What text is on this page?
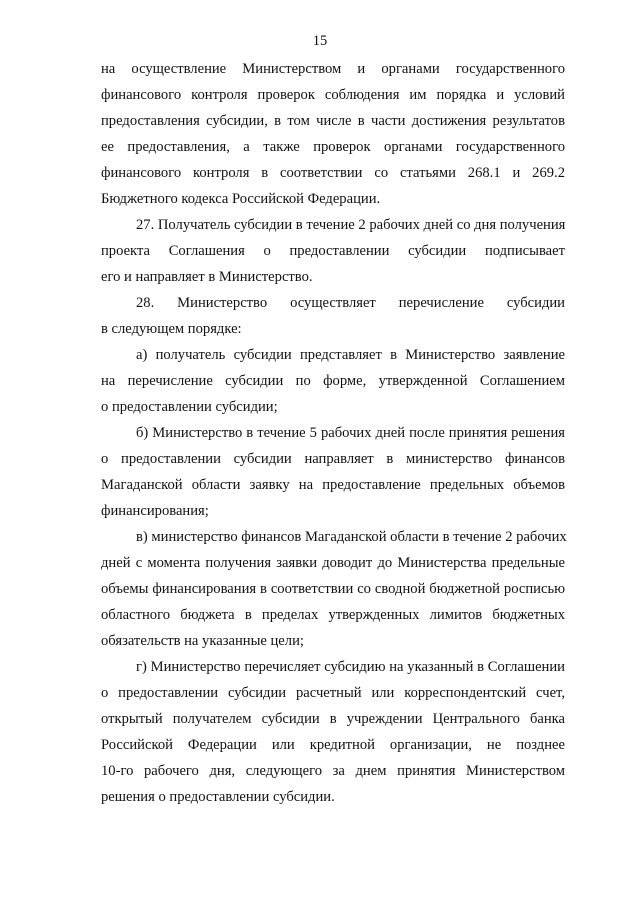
15
на осуществление Министерством и органами государственного
финансового контроля проверок соблюдения им порядка и условий
предоставления субсидии, в том числе в части достижения результатов
ее предоставления, а также проверок органами государственного
финансового контроля в соответствии со статьями 268.1 и 269.2
Бюджетного кодекса Российской Федерации.
27. Получатель субсидии в течение 2 рабочих дней со дня получения
проекта Соглашения о предоставлении субсидии подписывает
его и направляет в Министерство.
28. Министерство осуществляет перечисление субсидии
в следующем порядке:
а) получатель субсидии представляет в Министерство заявление
на перечисление субсидии по форме, утвержденной Соглашением
о предоставлении субсидии;
б) Министерство в течение 5 рабочих дней после принятия решения
о предоставлении субсидии направляет в министерство финансов
Магаданской области заявку на предоставление предельных объемов
финансирования;
в) министерство финансов Магаданской области в течение 2 рабочих
дней с момента получения заявки доводит до Министерства предельные
объемы финансирования в соответствии со сводной бюджетной росписью
областного бюджета в пределах утвержденных лимитов бюджетных
обязательств на указанные цели;
г) Министерство перечисляет субсидию на указанный в Соглашении
о предоставлении субсидии расчетный или корреспондентский счет,
открытый получателем субсидии в учреждении Центрального банка
Российской Федерации или кредитной организации, не позднее
10-го рабочего дня, следующего за днем принятия Министерством
решения о предоставлении субсидии.
